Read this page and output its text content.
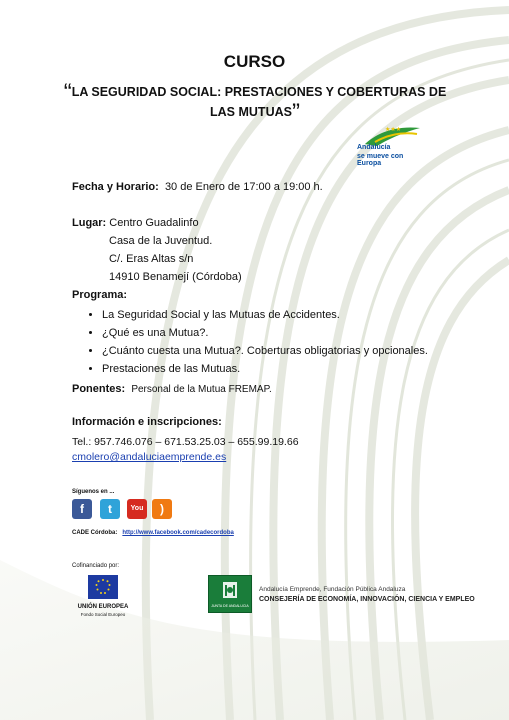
CURSO
“LA SEGURIDAD SOCIAL: PRESTACIONES Y COBERTURAS DE
LAS MUTUAS”
★★★
Andalucía
se mueve con Europa
Fecha y Horario: 30 de Enero de 17:00 a 19:00 h.
Lugar: Centro Guadalinfo
Casa de la Juventud.
C/. Eras Altas s/n
14910 Benamejí (Córdoba)
Programa:
• La Seguridad Social y las Mutuas de Accidentes.
• ¿Qué es una Mutua?.
• ¿Cuánto cuesta una Mutua?. Coberturas obligatorias y opcionales.
• Prestaciones de las Mutuas.
Ponentes: Personal de la Mutua FREMAP.
Información e inscripciones:
Tel.: 957.746.076 – 671.53.25.03 – 655.99.19.66
cmolero@andaluciaemprende.es
Síguenos en ...
f	t	You	)
CADE Córdoba: http://www.facebook.com/cadecordoba
Cofinanciado por:
UNIÓN EUROPEA
Fondo Social Europeo
JUNTA DE ANDALUCIA
Andalucía Emprende, Fundación Pública Andaluza
CONSEJERÍA DE ECONOMÍA, INNOVACIÓN, CIENCIA Y EMPLEO
